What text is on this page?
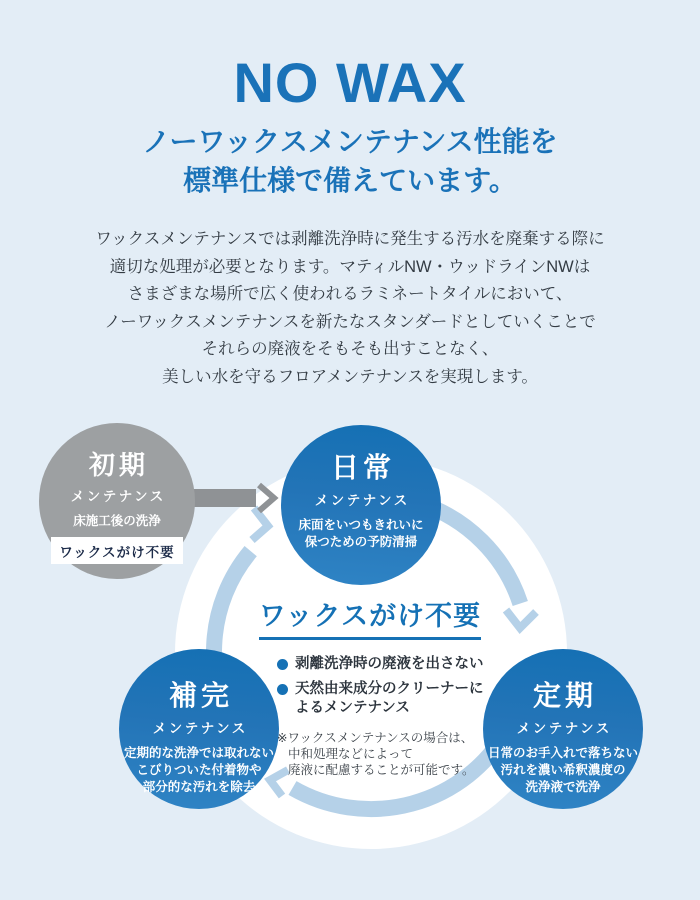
NO WAX
ノーワックスメンテナンス性能を
標準仕様で備えています。
ワックスメンテナンスでは剥離洗浄時に発生する汚水を廃棄する際に
適切な処理が必要となります。マティルNW・ウッドラインNWは
さまざまな場所で広く使われるラミネートタイルにおいて、
ノーワックスメンテナンスを新たなスタンダードとしていくことで
それらの廃液をそもそも出すことなく、
美しい水を守るフロアメンテナンスを実現します。
初期
メンテナンス
床施工後の洗浄
ワックスがけ不要
日常
メンテナンス
床面をいつもきれいに
保つための予防清掃
補完
メンテナンス
定期的な洗浄では取れない
こびりついた付着物や
部分的な汚れを除去
定期
メンテナンス
日常のお手入れで落ちない
汚れを濃い希釈濃度の
洗浄液で洗浄
ワックスがけ不要
剥離洗浄時の廃液を出さない
天然由来成分のクリーナーに
よるメンテナンス
※ワックスメンテナンスの場合は、
中和処理などによって
廃液に配慮することが可能です。
